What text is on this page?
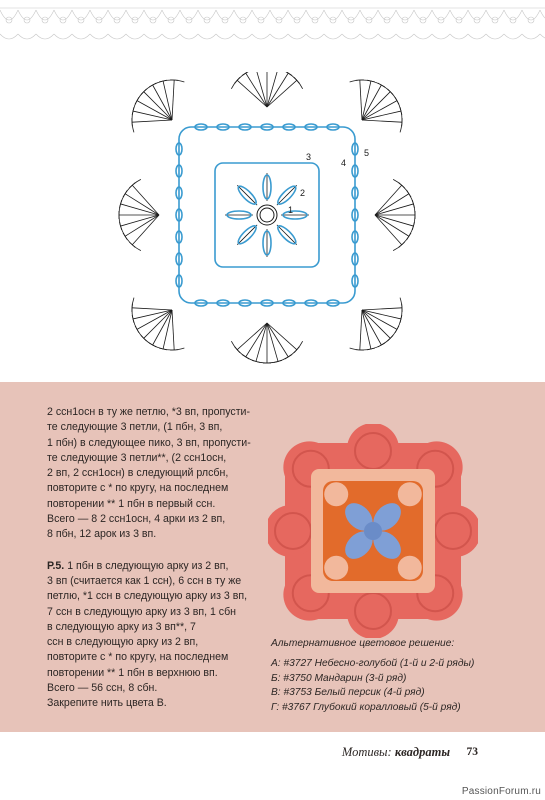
1
2
3
4
5

2 ссн1осн в ту же петлю, *3 вп, пропусти-
те следующие 3 петли, (1 пбн, 3 вп,
1 пбн) в следующее пико, 3 вп, пропусти-
те следующие 3 петли**, (2 ссн1осн,
2 вп, 2 ссн1осн) в следующий рлсбн,
повторите с * по кругу, на последнем
повторении ** 1 пбн в первый ссн.
Всего — 8 2 ссн1осн, 4 арки из 2 вп,
8 пбн, 12 арок из 3 вп.

Р.5. 1 пбн в следующую арку из 2 вп,
3 вп (считается как 1 ссн), 6 ссн в ту же
петлю, *1 ссн в следующую арку из 3 вп,
7 ссн в следующую арку из 3 вп, 1 сбн
в следующую арку из 3 вп**, 7
ссн в следующую арку из 2 вп,
повторите с * по кругу, на последнем
повторении ** 1 пбн в верхнюю вп.
Всего — 56 ссн, 8 сбн.
Закрепите нить цвета В.

Альтернативное цветовое решение:
А: #3727 Небесно-голубой (1-й и 2-й ряды)
Б: #3750 Мандарин (3-й ряд)
В: #3753 Белый персик (4-й ряд)
Г: #3767 Глубокий коралловый (5-й ряд)
Мотивы: квадраты 73
PassionForum.ru
